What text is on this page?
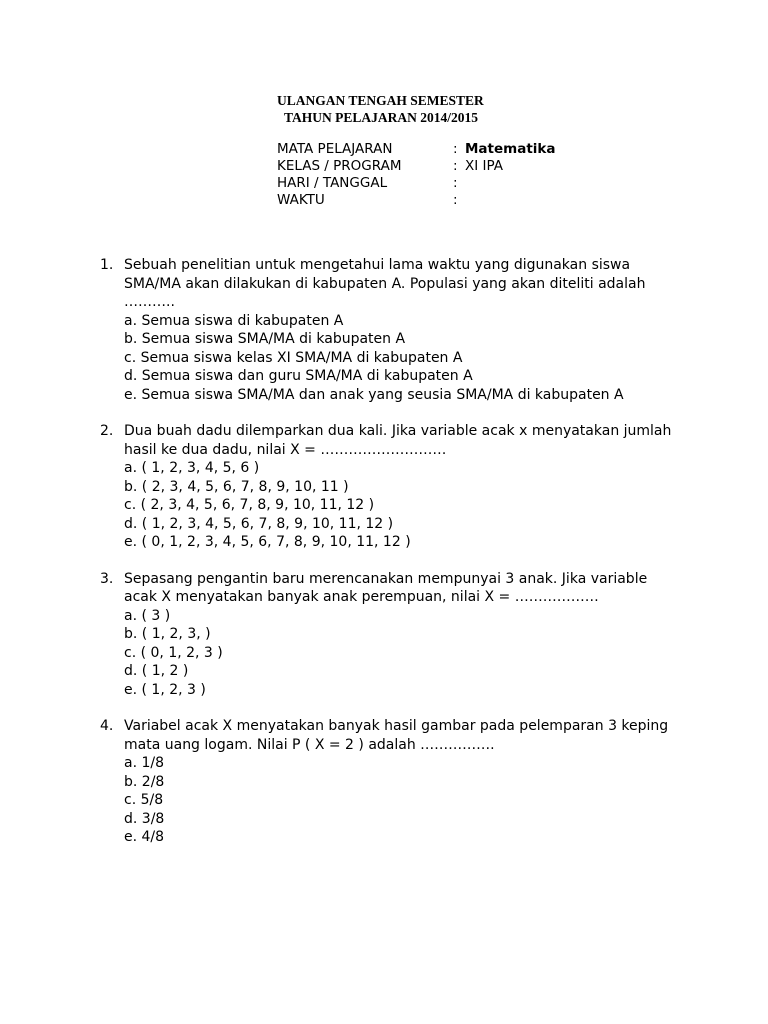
ULANGAN TENGAH SEMESTER
TAHUN PELAJARAN 2014/2015
MATA PELAJARAN	: Matematika
KELAS / PROGRAM	: XI IPA
HARI / TANGGAL	:
WAKTU	:
1. Sebuah penelitian untuk mengetahui lama waktu yang digunakan siswa SMA/MA akan dilakukan di kabupaten A. Populasi yang akan diteliti adalah ………..

a. Semua siswa di kabupaten A

b. Semua siswa SMA/MA di kabupaten A

c. Semua siswa kelas XI SMA/MA di kabupaten A

d. Semua siswa dan guru SMA/MA di kabupaten A

e. Semua siswa SMA/MA dan anak yang seusia SMA/MA di kabupaten A

2. Dua buah dadu dilemparkan dua kali. Jika variable acak x menyatakan jumlah hasil ke dua dadu, nilai X = ………………………

a. ( 1, 2, 3, 4, 5, 6 )

b. ( 2, 3, 4, 5, 6, 7, 8, 9, 10, 11 )

c. ( 2, 3, 4, 5, 6, 7, 8, 9, 10, 11, 12 )

d. ( 1, 2, 3, 4, 5, 6, 7, 8, 9, 10, 11, 12 )

e. ( 0, 1, 2, 3, 4, 5, 6, 7, 8, 9, 10, 11, 12 )

3. Sepasang pengantin baru merencanakan mempunyai 3 anak. Jika variable acak X menyatakan banyak anak perempuan, nilai X = ………………

a. ( 3 )

b. ( 1, 2, 3, )

c. ( 0, 1, 2, 3 )

d. ( 1, 2 )

e. ( 1, 2, 3 )

4. Variabel acak X menyatakan banyak hasil gambar pada pelemparan 3 keping mata uang logam. Nilai P ( X = 2 ) adalah …………….

a. 1/8

b. 2/8

c. 5/8

d. 3/8

e. 4/8
